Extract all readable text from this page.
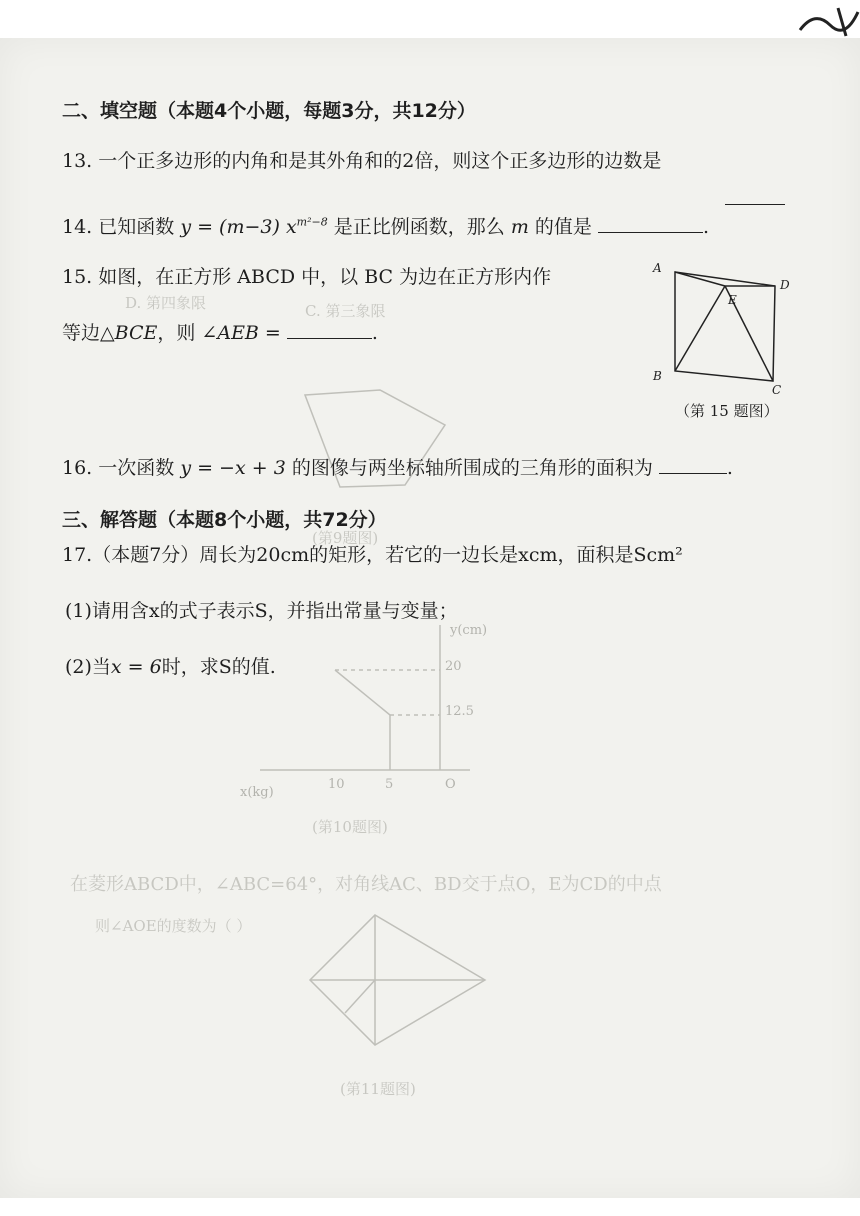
D. 第四象限	C. 第三象限
(第9题图)
(第10题图)
(第11题图)
在菱形ABCD中，∠ABC=64°，对角线AC、BD交于点O，E为CD的中点
则∠AOE的度数为（ ）
y(cm)
x(kg)
20
10	5
12.5
O
二、填空题（本题4个小题，每题3分，共12分）
13. 一个正多边形的内角和是其外角和的2倍，则这个正多边形的边数是
14. 已知函数 y = (m−3) $x^{m^2-8}$ 是正比例函数，那么 m 的值是	.
15. 如图，在正方形 ABCD 中，以 BC 为边在正方形内作
等边△BCE，则 ∠AEB =	.
A
D
B
C
E
（第 15 题图）
16. 一次函数 y = −x + 3 的图像与两坐标轴所围成的三角形的面积为	.
三、解答题（本题8个小题，共72分）
17.（本题7分）周长为20cm的矩形，若它的一边长是xcm，面积是Scm²
(1)请用含x的式子表示S，并指出常量与变量；
(2)当x = 6时，求S的值.
